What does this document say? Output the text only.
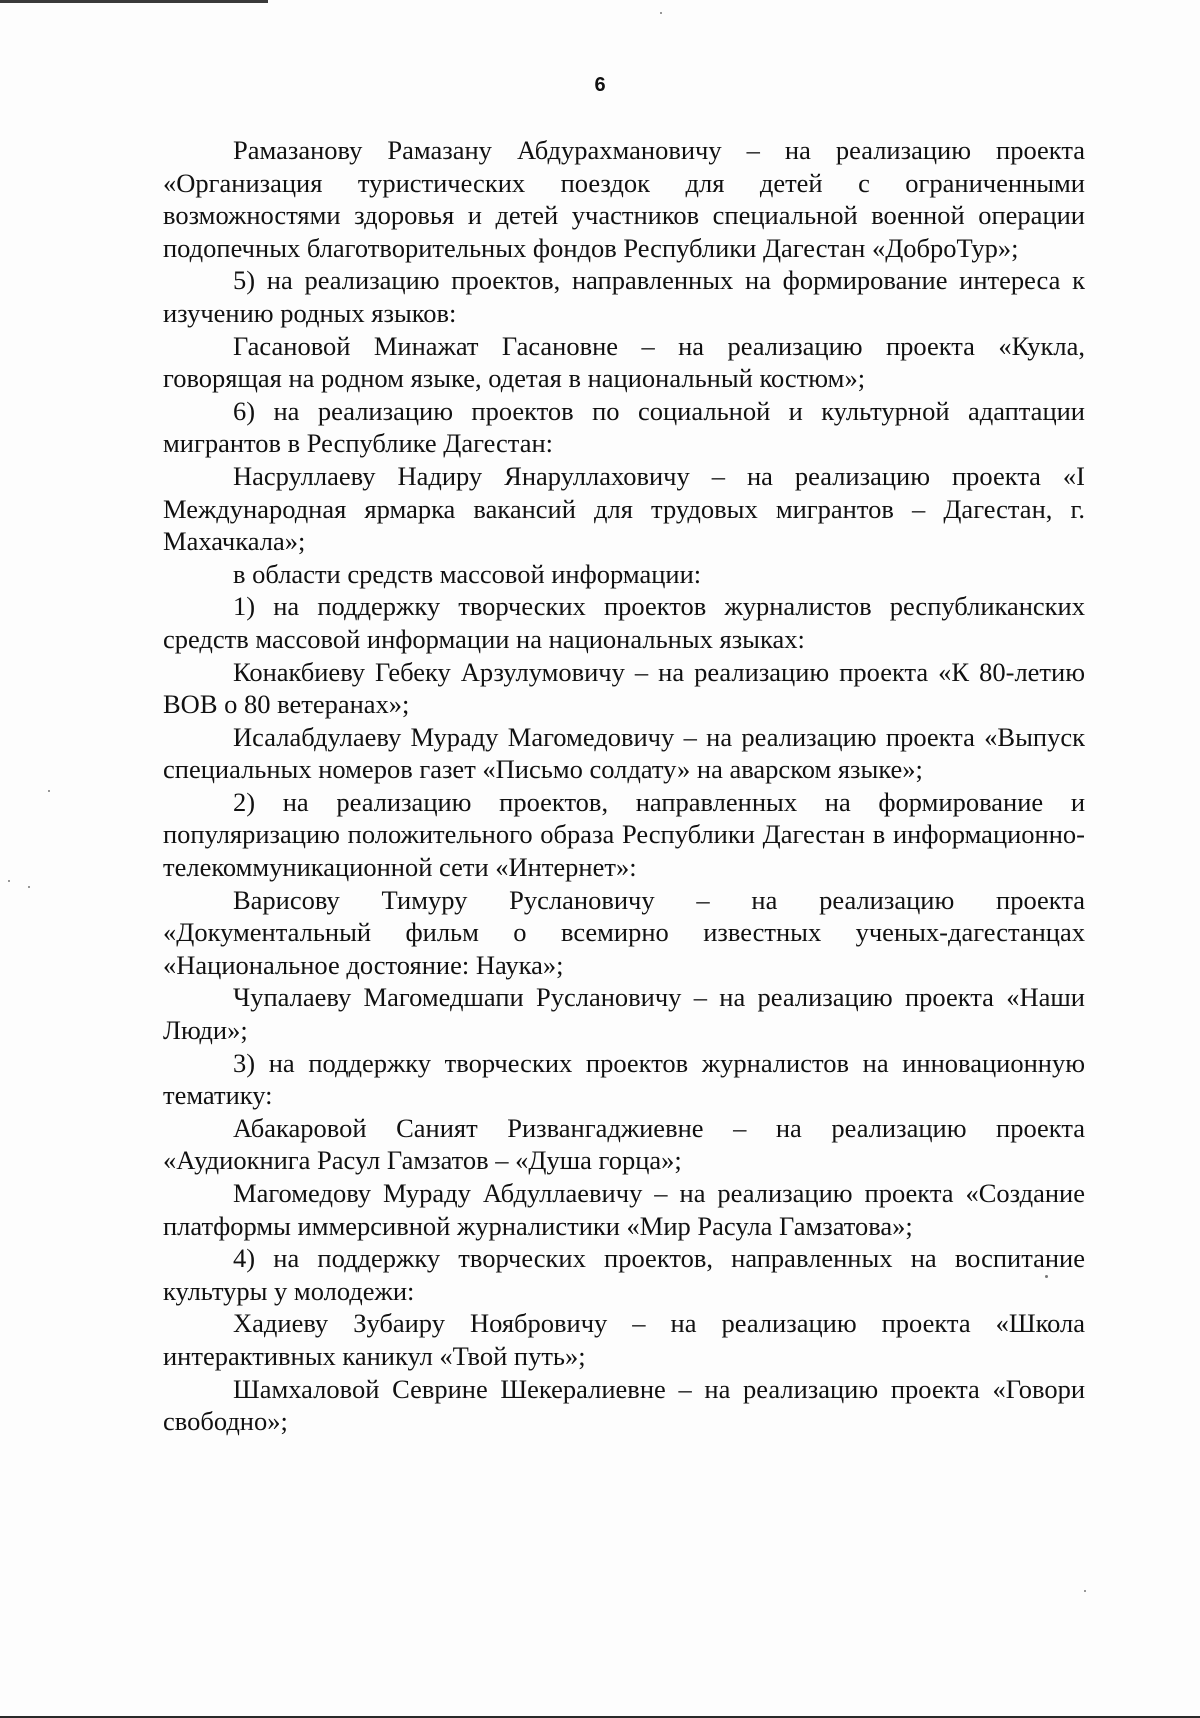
6

Рамазанову Рамазану Абдурахмановичу – на реализацию проекта «Организация туристических поездок для детей с ограниченными возможностями здоровья и детей участников специальной военной операции подопечных благотворительных фондов Республики Дагестан «ДоброТур»;

5) на реализацию проектов, направленных на формирование интереса к изучению родных языков:

Гасановой Минажат Гасановне – на реализацию проекта «Кукла, говорящая на родном языке, одетая в национальный костюм»;

6) на реализацию проектов по социальной и культурной адаптации мигрантов в Республике Дагестан:

Насруллаеву Надиру Янаруллаховичу – на реализацию проекта «I Международная ярмарка вакансий для трудовых мигрантов – Дагестан, г. Махачкала»;

в области средств массовой информации:

1) на поддержку творческих проектов журналистов республиканских средств массовой информации на национальных языках:

Конакбиеву Гебеку Арзулумовичу – на реализацию проекта «К 80-летию ВОВ о 80 ветеранах»;

Исалабдулаеву Мураду Магомедовичу – на реализацию проекта «Выпуск специальных номеров газет «Письмо солдату» на аварском языке»;

2) на реализацию проектов, направленных на формирование и популяризацию положительного образа Республики Дагестан в информационно-телекоммуникационной сети «Интернет»:

Варисову Тимуру Руслановичу – на реализацию проекта «Документальный фильм о всемирно известных ученых-дагестанцах «Национальное достояние: Наука»;

Чупалаеву Магомедшапи Руслановичу – на реализацию проекта «Наши Люди»;

3) на поддержку творческих проектов журналистов на инновационную тематику:

Абакаровой Саният Ризвангаджиевне – на реализацию проекта «Аудиокнига Расул Гамзатов – «Душа горца»;

Магомедову Мураду Абдуллаевичу – на реализацию проекта «Создание платформы иммерсивной журналистики «Мир Расула Гамзатова»;

4) на поддержку творческих проектов, направленных на воспитание культуры у молодежи:

Хадиеву Зубаиру Ноябровичу – на реализацию проекта «Школа интерактивных каникул «Твой путь»;

Шамхаловой Севрине Шекералиевне – на реализацию проекта «Говори свободно»;
